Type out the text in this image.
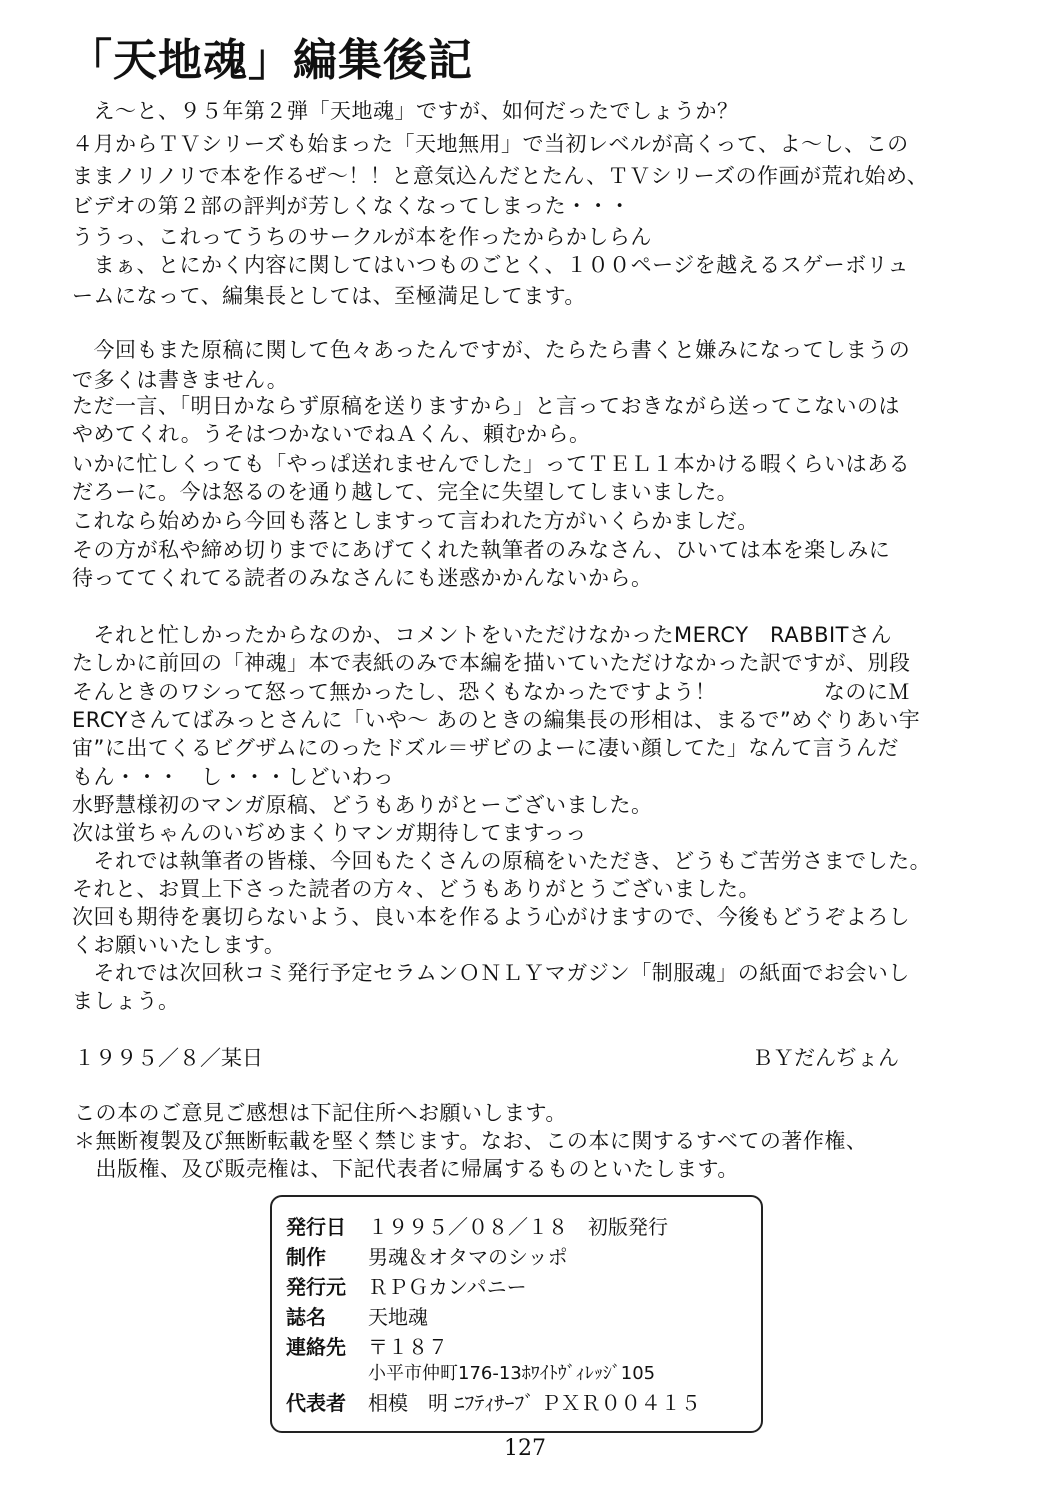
「天地魂」編集後記
　え～と、９５年第２弾「天地魂」ですが、如何だったでしょうか？
４月からＴＶシリーズも始まった「天地無用」で当初レベルが高くって、よ～し、この
ままノリノリで本を作るぜ～！！と意気込んだとたん、ＴＶシリーズの作画が荒れ始め、
ビデオの第２部の評判が芳しくなくなってしまった・・・
ううっ、これってうちのサークルが本を作ったからかしらん
　まぁ、とにかく内容に関してはいつものごとく、１００ページを越えるスゲーボリュ
ームになって、編集長としては、至極満足してます。
　今回もまた原稿に関して色々あったんですが、たらたら書くと嫌みになってしまうの
で多くは書きません。
ただ一言、「明日かならず原稿を送りますから」と言っておきながら送ってこないのは
やめてくれ。うそはつかないでねＡくん、頼むから。
いかに忙しくっても「やっぱ送れませんでした」ってＴＥＬ１本かける暇くらいはある
だろーに。今は怒るのを通り越して、完全に失望してしまいました。
これなら始めから今回も落としますって言われた方がいくらかましだ。
その方が私や締め切りまでにあげてくれた執筆者のみなさん、ひいては本を楽しみに
待っててくれてる読者のみなさんにも迷惑かかんないから。
　それと忙しかったからなのか、コメントをいただけなかったMERCY　RABBITさん
たしかに前回の「神魂」本で表紙のみで本編を描いていただけなかった訳ですが、別段
そんときのワシって怒って無かったし、恐くもなかったですよう！　　　　　なのにＭ
ERCYさんてばみっとさんに「いや～ あのときの編集長の形相は、まるで”めぐりあい宇
宙”に出てくるビグザムにのったドズル＝ザビのよーに凄い顔してた」なんて言うんだ
もん・・・　し・・・しどいわっ
水野慧様初のマンガ原稿、どうもありがとーございました。
次は蛍ちゃんのいぢめまくりマンガ期待してますっっ
　それでは執筆者の皆様、今回もたくさんの原稿をいただき、どうもご苦労さまでした。
それと、お買上下さった読者の方々、どうもありがとうございました。
次回も期待を裏切らないよう、良い本を作るよう心がけますので、今後もどうぞよろし
くお願いいたします。
　それでは次回秋コミ発行予定セラムンＯＮＬＹマガジン「制服魂」の紙面でお会いし
ましょう。
１９９５／８／某日	ＢＹだんぢょん
この本のご意見ご感想は下記住所へお願いします。
＊無断複製及び無断転載を堅く禁じます。なお、この本に関するすべての著作権、
　出版権、及び販売権は、下記代表者に帰属するものといたします。
発行日 １９９５／０８／１８　初版発行
制作 男魂＆オタマのシッポ
発行元 ＲＰＧカンパニー
誌名 天地魂
連絡先 〒１８７
小平市仲町176-13ﾎﾜｲﾄｳﾞｨﾚｯｼﾞ105
代表者 相模　明 ﾆﾌﾃｨｻｰﾌﾞ ＰＸＲ００４１５
127
